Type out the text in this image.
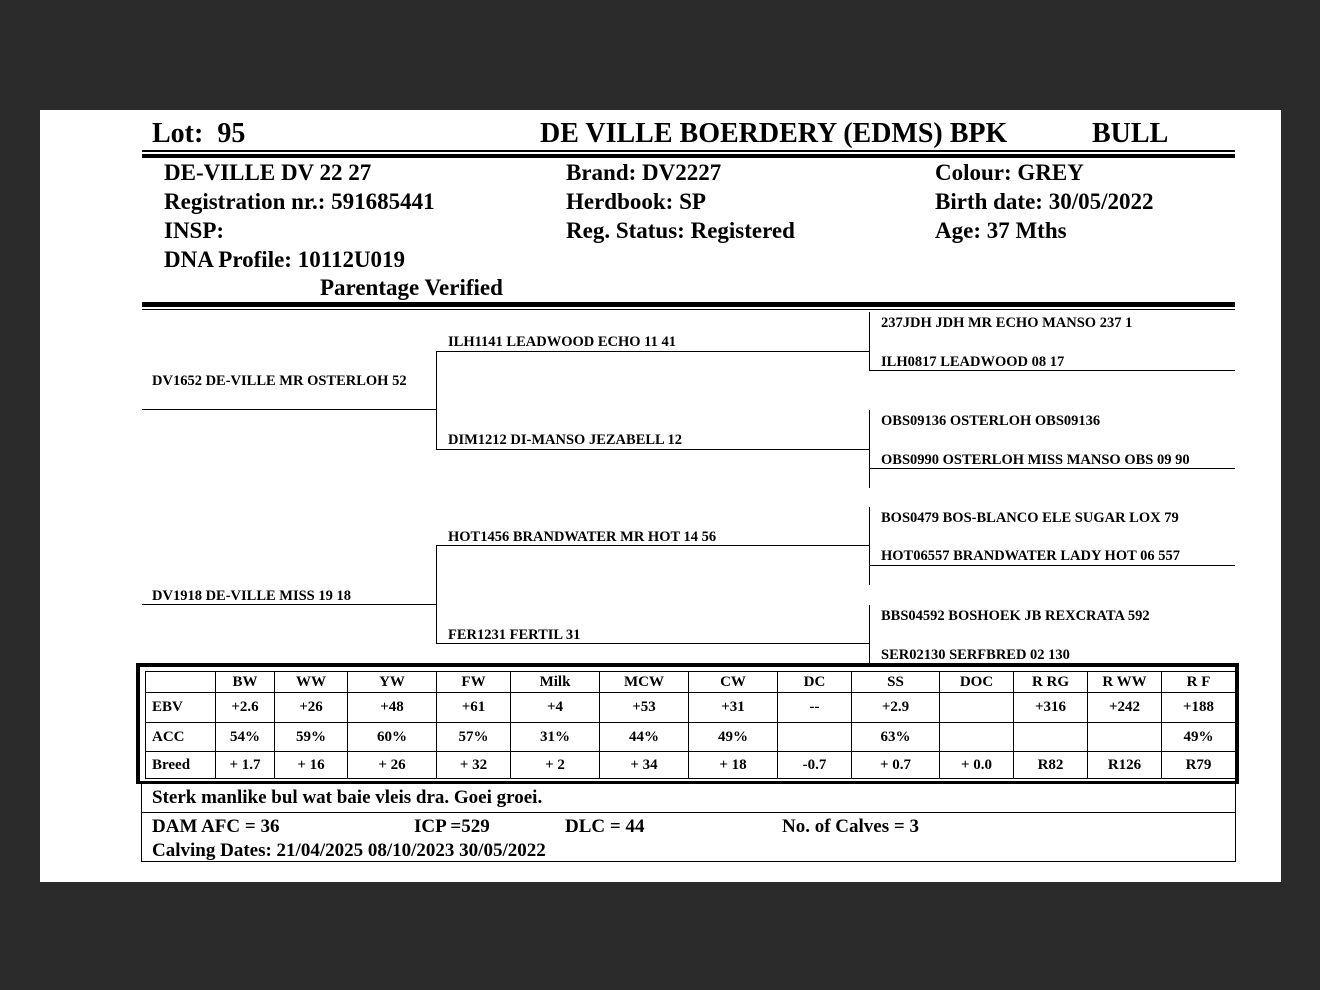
Lot: 95	DE VILLE BOERDERY (EDMS) BPK	BULL
DE-VILLE DV 22 27
Registration nr.: 591685441
INSP:
DNA Profile: 10112U019
Parentage Verified
Brand: DV2227
Herdbook: SP
Reg. Status: Registered
Colour: GREY
Birth date: 30/05/2022
Age: 37 Mths
DV1652 DE-VILLE MR OSTERLOH 52
DV1918 DE-VILLE MISS 19 18
ILH1141 LEADWOOD ECHO 11 41
DIM1212 DI-MANSO JEZABELL 12
HOT1456 BRANDWATER MR HOT 14 56
FER1231 FERTIL 31
237JDH JDH MR ECHO MANSO 237 1
ILH0817 LEADWOOD 08 17
OBS09136 OSTERLOH OBS09136
OBS0990 OSTERLOH MISS MANSO OBS 09 90
BOS0479 BOS-BLANCO ELE SUGAR LOX 79
HOT06557 BRANDWATER LADY HOT 06 557
BBS04592 BOSHOEK JB REXCRATA 592
SER02130 SERFBRED 02 130
	BW	WW	YW	FW	Milk	MCW	CW	DC	SS	DOC	R RG	R WW	R F
EBV	+2.6	+26	+48	+61	+4	+53	+31	--	+2.9		+316	+242	+188
ACC	54%	59%	60%	57%	31%	44%	49%		63%				49%
Breed	+ 1.7	+ 16	+ 26	+ 32	+ 2	+ 34	+ 18	-0.7	+ 0.7	+ 0.0	R82	R126	R79
Sterk manlike bul wat baie vleis dra. Goei groei.
DAM AFC = 36	ICP =529	DLC = 44	No. of Calves = 3
Calving Dates: 21/04/2025 08/10/2023 30/05/2022
